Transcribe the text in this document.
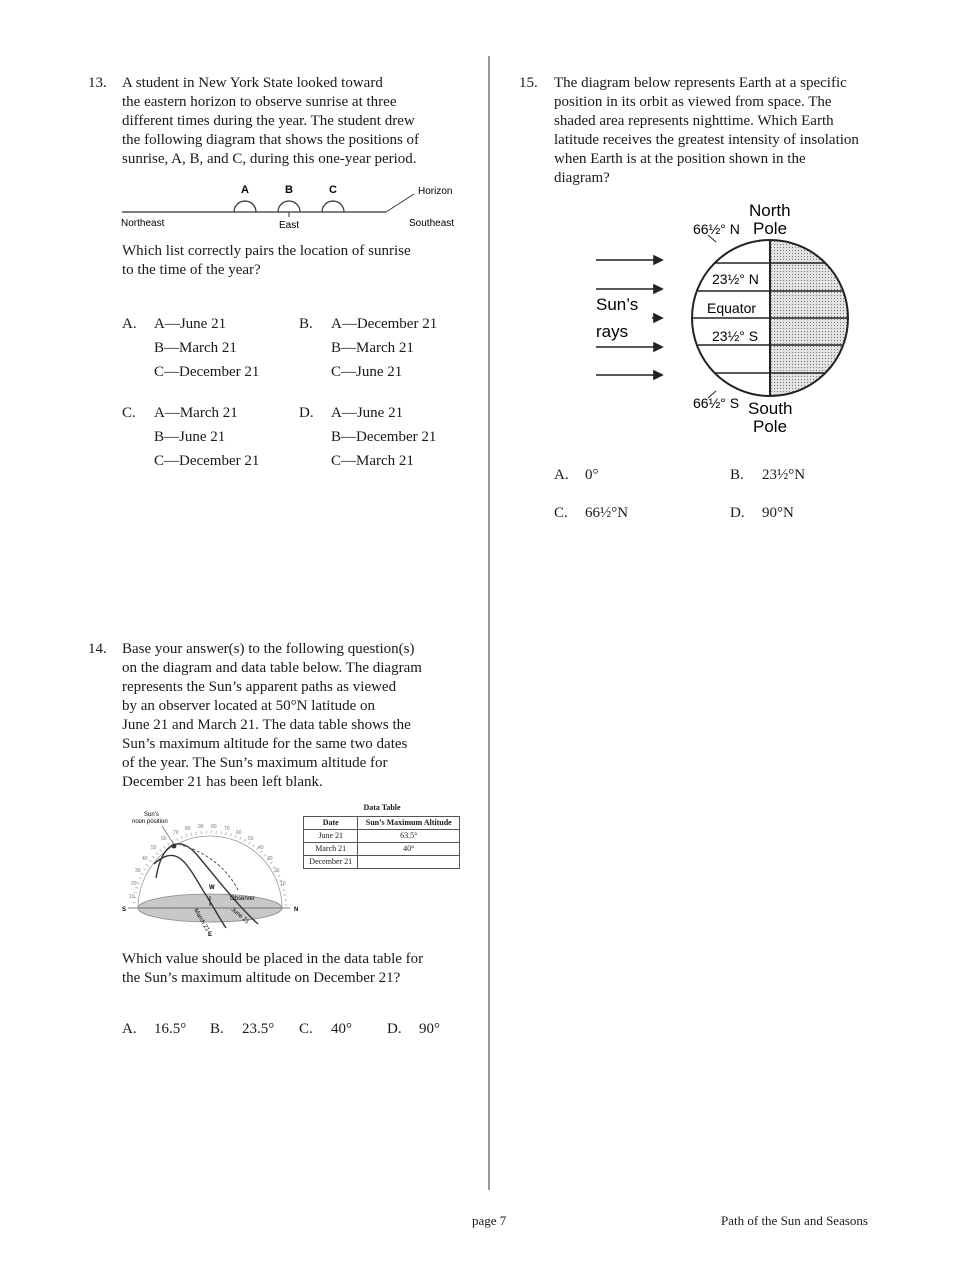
13. A student in New York State looked toward
the eastern horizon to observe sunrise at three
different times during the year. The student drew
the following diagram that shows the positions of
sunrise, A, B, and C, during this one-year period.
A	B	C	Horizon
Northeast	East	Southeast
Which list correctly pairs the location of sunrise
to the time of the year?
A. A—June 21
B—March 21
C—December 21
B. A—December 21
B—March 21
C—June 21
C. A—March 21
B—June 21
C—December 21
D. A—June 21
B—December 21
C—March 21
14. Base your answer(s) to the following question(s)
on the diagram and data table below. The diagram
represents the Sun’s apparent paths as viewed
by an observer located at 50°N latitude on
June 21 and March 21. The data table shows the
Sun’s maximum altitude for the same two dates
of the year. The Sun’s maximum altitude for
December 21 has been left blank.
Sun’s
noon position
Observer
S	N
E
W
June 21
March 21
10
20
30
40
50
60
70
80 90 80 70
60
50
40
30
20
10
Data Table
Date	Sun’s Maximum Altitude
June 21	63.5°
March 21	40°
December 21	
Which value should be placed in the data table for
the Sun’s maximum altitude on December 21?
A. 16.5° B. 23.5° C. 40° D. 90°
15. The diagram below represents Earth at a specific
position in its orbit as viewed from space. The
shaded area represents nighttime. Which Earth
latitude receives the greatest intensity of insolation
when Earth is at the position shown in the
diagram?
Sun’s
rays
North
Pole
South
Pole
66½° N
23½° N
Equator
23½° S
66½° S
A. 0°	B. 23½°N
C. 66½°N	D. 90°N
page 7	Path of the Sun and Seasons
